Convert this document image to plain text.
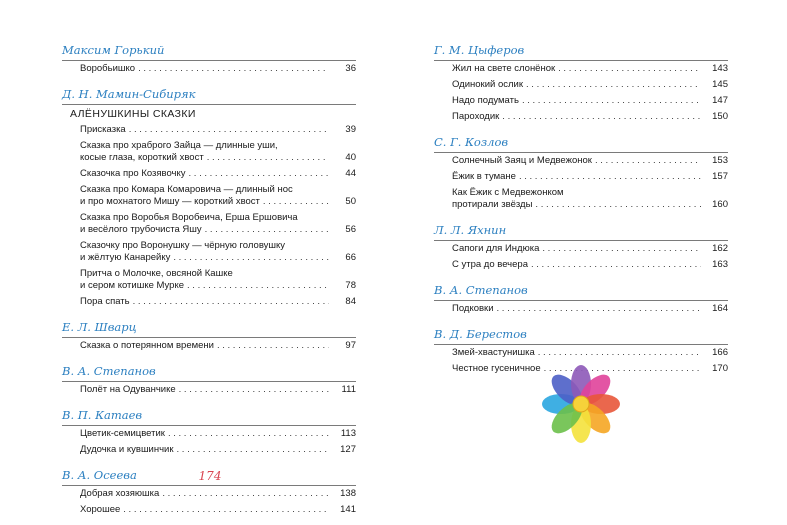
Максим Горький
Воробьишко . . .	36
Д. Н. Мамин-Сибиряк
АЛЁНУШКИНЫ СКАЗКИ
Присказка . . .	39
Сказка про храброго Зайца — длинные уши,
косые глаза, короткий хвост . . .	40
Сказочка про Козявочку . . .	44
Сказка про Комара Комаровича — длинный нос
и про мохнатого Мишу — короткий хвост . . .	50
Сказка про Воробья Воробеича, Ерша Ершовича
и весёлого трубочиста Яшу . . .	56
Сказочку про Воронушку — чёрную головушку
и жёлтую Канарейку . . .	66
Притча о Молочке, овсяной Кашке
и сером котишке Мурке . . .	78
Пора спать . . .	84
Е. Л. Шварц
Сказка о потерянном времени . . .	97
В. А. Степанов
Полёт на Одуванчике . . .	111
В. П. Катаев
Цветик-семицветик . . .	113
Дудочка и кувшинчик . . .	127
В. А. Осеева
Добрая хозяюшка . . .	138
Хорошее . . .	141
Г. М. Цыферов
Жил на свете слонёнок . . .	143
Одинокий ослик . . .	145
Надо подумать . . .	147
Пароходик . . .	150
С. Г. Козлов
Солнечный Заяц и Медвежонок . . .	153
Ёжик в тумане . . .	157
Как Ёжик с Медвежонком
протирали звёзды . . .	160
Л. Л. Яхнин
Сапоги для Индюка . . .	162
С утра до вечера . . .	163
В. А. Степанов
Подковки . . .	164
В. Д. Берестов
Змей-хвастунишка . . .	166
Честное гусеничное . . .	170
174
